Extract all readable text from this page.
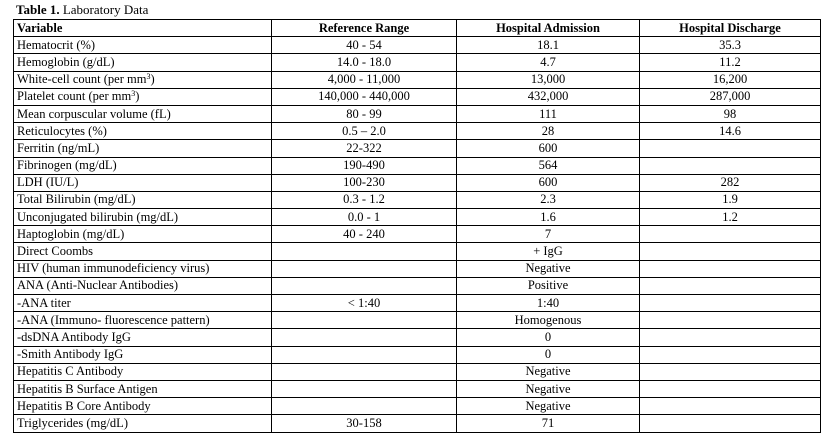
Table 1. Laboratory Data
Variable	Reference Range	Hospital Admission	Hospital Discharge
Hematocrit (%)	40 - 54	18.1	35.3
Hemoglobin (g/dL)	14.0 - 18.0	4.7	11.2
White-cell count (per $mm^3$)	4,000 - 11,000	13,000	16,200
Platelet count (per $mm^3$)	140,000 - 440,000	432,000	287,000
Mean corpuscular volume (fL)	80 - 99	111	98
Reticulocytes (%)	0.5 – 2.0	28	14.6
Ferritin (ng/mL)	22-322	600	
Fibrinogen (mg/dL)	190-490	564	
LDH (IU/L)	100-230	600	282
Total Bilirubin (mg/dL)	0.3 - 1.2	2.3	1.9
Unconjugated bilirubin (mg/dL)	0.0 - 1	1.6	1.2
Haptoglobin (mg/dL)	40 - 240	7	
Direct Coombs		+ IgG	
HIV (human immunodeficiency virus)		Negative	
ANA (Anti-Nuclear Antibodies)		Positive	
-ANA titer	< 1:40	1:40	
-ANA (Immuno- fluorescence pattern)		Homogenous	
-dsDNA Antibody IgG		0	
-Smith Antibody IgG		0	
Hepatitis C Antibody		Negative	
Hepatitis B Surface Antigen		Negative	
Hepatitis B Core Antibody		Negative	
Triglycerides (mg/dL)	30-158	71	
